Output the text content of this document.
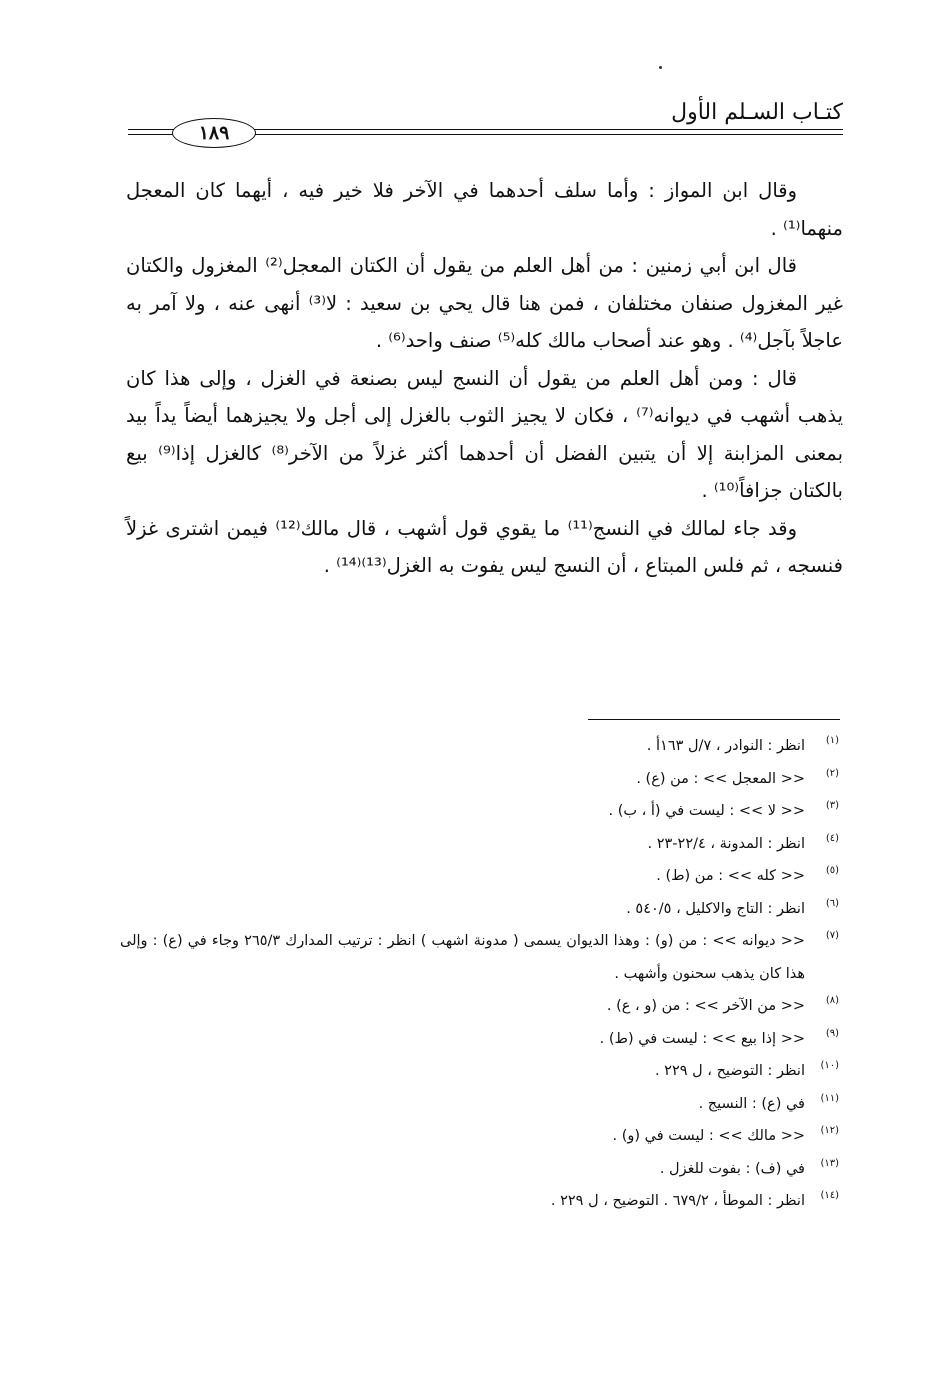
كتـاب السـلم الأول
١٨٩

وقال ابن المواز : وأما سلف أحدهما في الآخر فلا خير فيه ، أيهما كان المعجل منهما⁽¹⁾ .

قال ابن أبي زمنين : من أهل العلم من يقول أن الكتان المعجل⁽²⁾ المغزول والكتان غير المغزول صنفان مختلفان ، فمن هنا قال يحي بن سعيد : لا⁽³⁾ أنهى عنه ، ولا آمر به عاجلاً بآجل⁽⁴⁾ . وهو عند أصحاب مالك كله⁽⁵⁾ صنف واحد⁽⁶⁾ .

قال : ومن أهل العلم من يقول أن النسج ليس بصنعة في الغزل ، وإلى هذا كان يذهب أشهب في ديوانه⁽⁷⁾ ، فكان لا يجيز الثوب بالغزل إلى أجل ولا يجيزهما أيضاً يداً بيد بمعنى المزابنة إلا أن يتبين الفضل أن أحدهما أكثر غزلاً من الآخر⁽⁸⁾ كالغزل إذا⁽⁹⁾ بيع بالكتان جزافاً⁽¹⁰⁾ .

وقد جاء لمالك في النسج⁽¹¹⁾ ما يقوي قول أشهب ، قال مالك⁽¹²⁾ فيمن اشترى غزلاً فنسجه ، ثم فلس المبتاع ، أن النسج ليس يفوت به الغزل⁽¹³⁾⁽¹⁴⁾ .

(١)
انظر : النوادر ، ٧/ل ١٦٣أ .
(٢)
<< المعجل >> : من (ع) .
(٣)
<< لا >> : ليست في (أ ، ب) .
(٤)
انظر : المدونة ، ٢٢/٤-٢٣ .
(٥)
<< كله >> : من (ط) .
(٦)
انظر : التاج والاكليل ، ٥٤٠/٥ .
(٧)
<< ديوانه >> : من (و) : وهذا الديوان يسمى ( مدونة اشهب ) انظر : ترتيب المدارك ٢٦٥/٣ وجاء في (ع) : وإلى هذا كان يذهب سحنون وأشهب .
(٨)
<< من الآخر >> : من (و ، ع) .
(٩)
<< إذا بيع >> : ليست في (ط) .
(١٠)
انظر : التوضيح ، ل ٢٢٩ .
(١١)
في (ع) : النسيج .
(١٢)
<< مالك >> : ليست في (و) .
(١٣)
في (ف) : بفوت للغزل .
(١٤)
انظر : الموطأ ، ٦٧٩/٢ . التوضيح ، ل ٢٢٩ .
